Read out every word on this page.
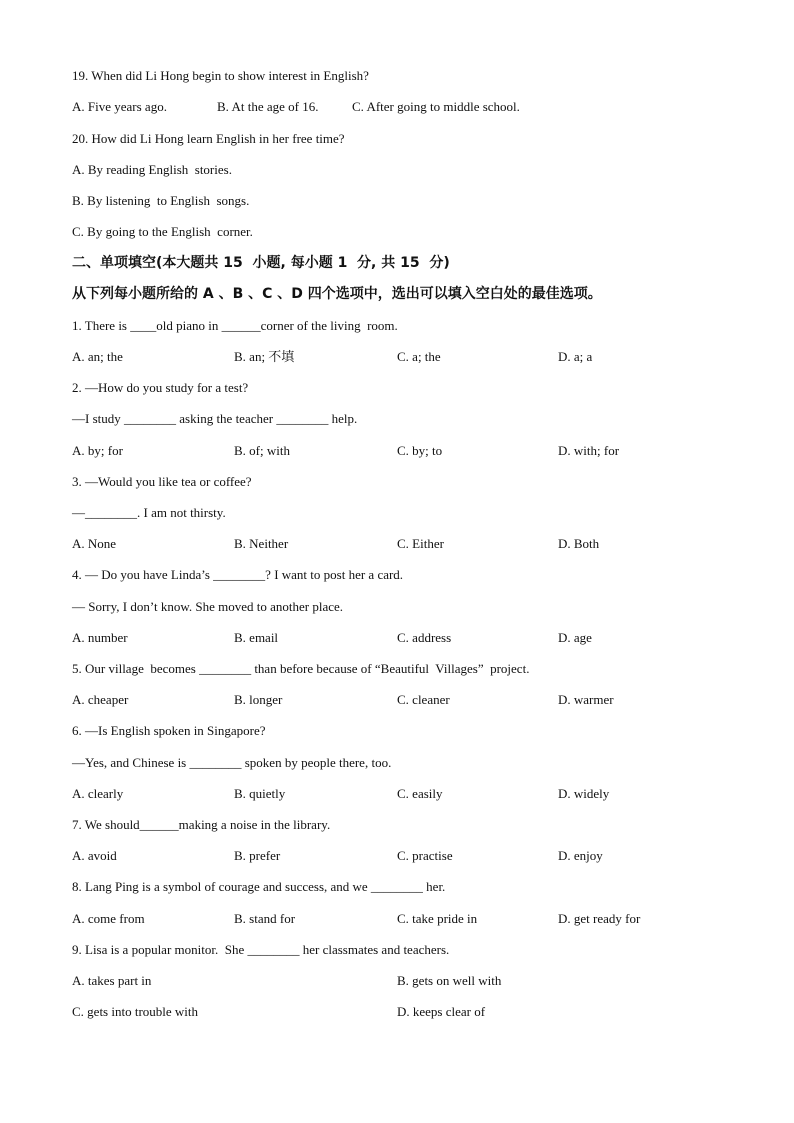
19. When did Li Hong begin to show interest in English?

A. Five years ago.

	B. At the age of 16.

	C. After going to middle school.

20. How did Li Hong learn English in her free time?
A. By reading English  stories.
B. By listening  to English  songs.
C. By going to the English  corner.
二、单项填空(本大题共 15  小题, 每小题 1  分, 共 15  分)
从下列每小题所给的 A 、B 、C 、D 四个选项中，选出可以填入空白处的最佳选项。
1. There is ____old piano in ______corner of the living  room.

A. an; the

	B. an; 不填

	C. a; the

	D. a; a

2. —How do you study for a test?
—I study ________ asking the teacher ________ help.

A. by; for

	B. of; with

	C. by; to

	D. with; for

3. —Would you like tea or coffee?
—________. I am not thirsty.

A. None

	B. Neither

	C. Either

	D. Both

4. — Do you have Linda’s ________? I want to post her a card.
— Sorry, I don’t know. She moved to another place.

A. number

	B. email

	C. address

	D. age

5. Our village  becomes ________ than before because of “Beautiful  Villages”  project.

A. cheaper

	B. longer

	C. cleaner

	D. warmer

6. —Is English spoken in Singapore?
—Yes, and Chinese is ________ spoken by people there, too.

A. clearly

	B. quietly

	C. easily

	D. widely

7. We should______making a noise in the library.

A. avoid

	B. prefer

	C. practise

	D. enjoy

8. Lang Ping is a symbol of courage and success, and we ________ her.

A. come from

	B. stand for

	C. take pride in

	D. get ready for

9. Lisa is a popular monitor.  She ________ her classmates and teachers.

A. takes part in

	B. gets on well with

C. gets into trouble with

	D. keeps clear of
